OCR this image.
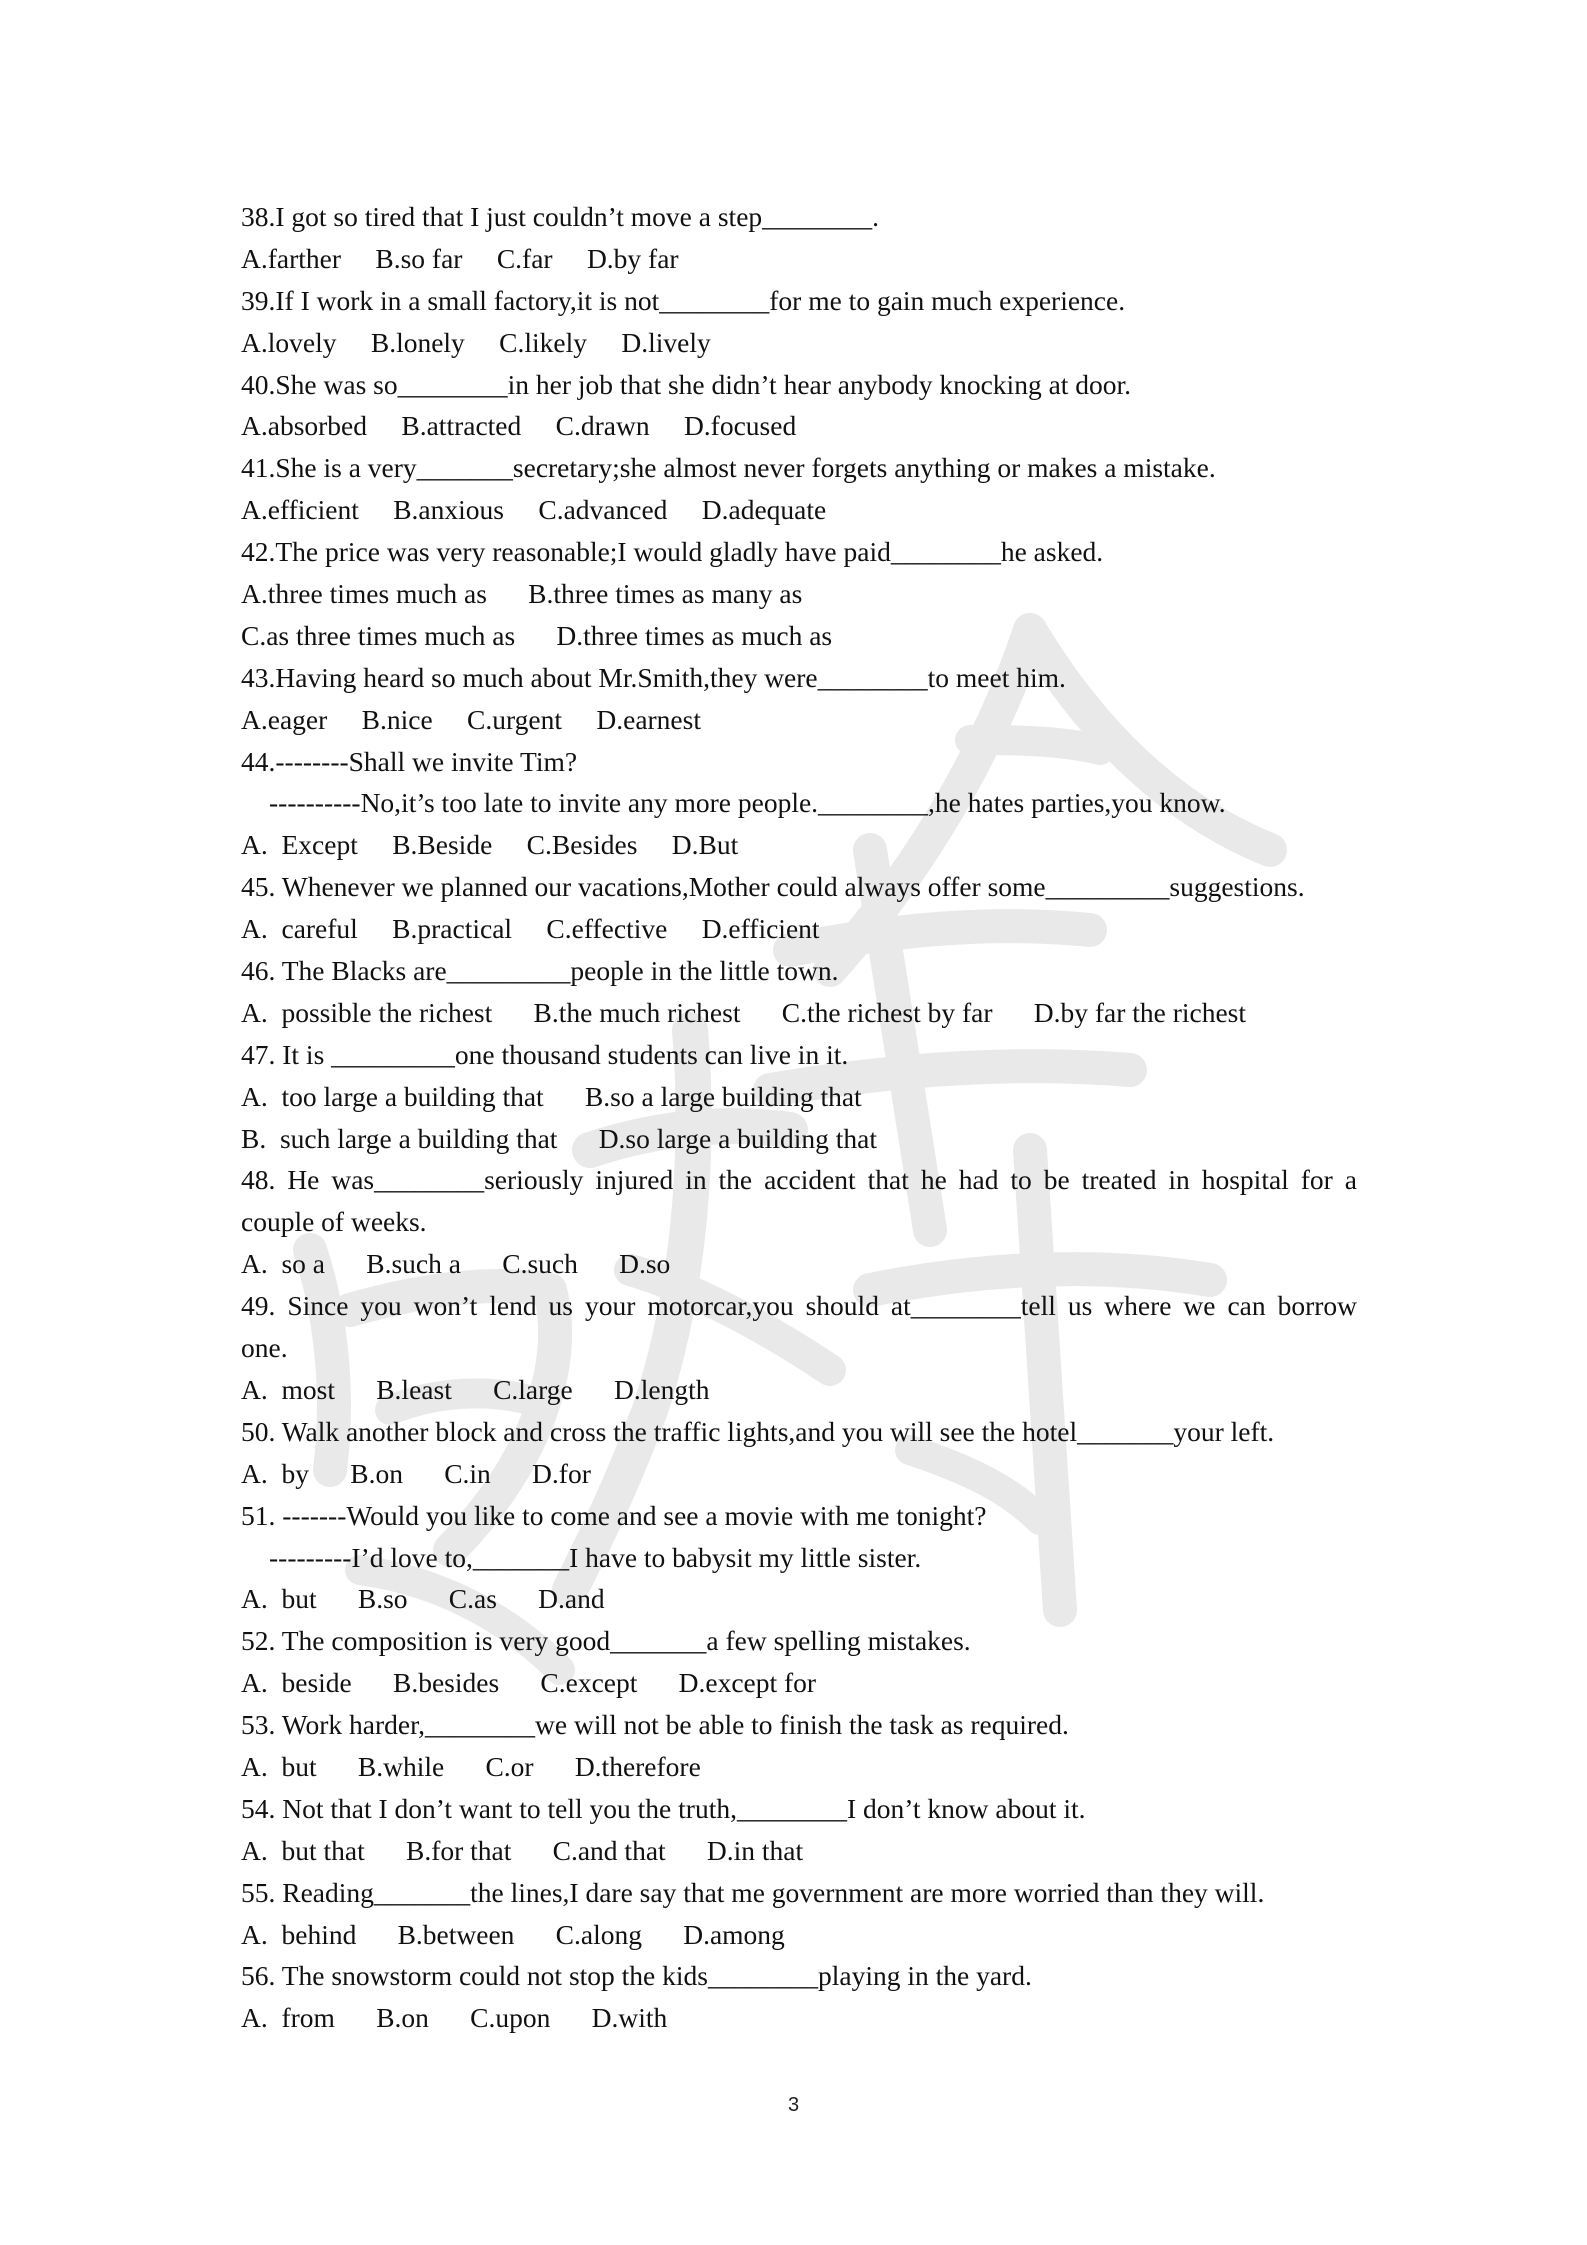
38.I got so tired that I just couldn’t move a step________.
A.farther     B.so far     C.far     D.by far
39.If I work in a small factory,it is not________for me to gain much experience.
A.lovely     B.lonely     C.likely     D.lively
40.She was so________in her job that she didn’t hear anybody knocking at door.
A.absorbed     B.attracted     C.drawn     D.focused
41.She is a very_______secretary;she almost never forgets anything or makes a mistake.
A.efficient     B.anxious     C.advanced     D.adequate
42.The price was very reasonable;I would gladly have paid________he asked.
A.three times much as      B.three times as many as
C.as three times much as      D.three times as much as
43.Having heard so much about Mr.Smith,they were________to meet him.
A.eager     B.nice     C.urgent     D.earnest
44.--------Shall we invite Tim?
----------No,it’s too late to invite any more people.________,he hates parties,you know.
A.  Except     B.Beside     C.Besides     D.But
45. Whenever we planned our vacations,Mother could always offer some_________suggestions.
A.  careful     B.practical     C.effective     D.efficient
46. The Blacks are_________people in the little town.
A.  possible the richest      B.the much richest      C.the richest by far      D.by far the richest
47. It is _________one thousand students can live in it.
A.  too large a building that      B.so a large building that
B.  such large a building that      D.so large a building that
48. He was________seriously injured in the accident that he had to be treated in hospital for a
couple of weeks.
A.  so a      B.such a      C.such      D.so
49. Since you won’t lend us your motorcar,you should at________tell us where we can borrow
one.
A.  most      B.least      C.large      D.length
50. Walk another block and cross the traffic lights,and you will see the hotel_______your left.
A.  by      B.on      C.in      D.for
51. -------Would you like to come and see a movie with me tonight?
---------I’d love to,_______I have to babysit my little sister.
A.  but      B.so      C.as      D.and
52. The composition is very good_______a few spelling mistakes.
A.  beside      B.besides      C.except      D.except for
53. Work harder,________we will not be able to finish the task as required.
A.  but      B.while      C.or      D.therefore
54. Not that I don’t want to tell you the truth,________I don’t know about it.
A.  but that      B.for that      C.and that      D.in that
55. Reading_______the lines,I dare say that me government are more worried than they will.
A.  behind      B.between      C.along      D.among
56. The snowstorm could not stop the kids________playing in the yard.
A.  from      B.on      C.upon      D.with
3
